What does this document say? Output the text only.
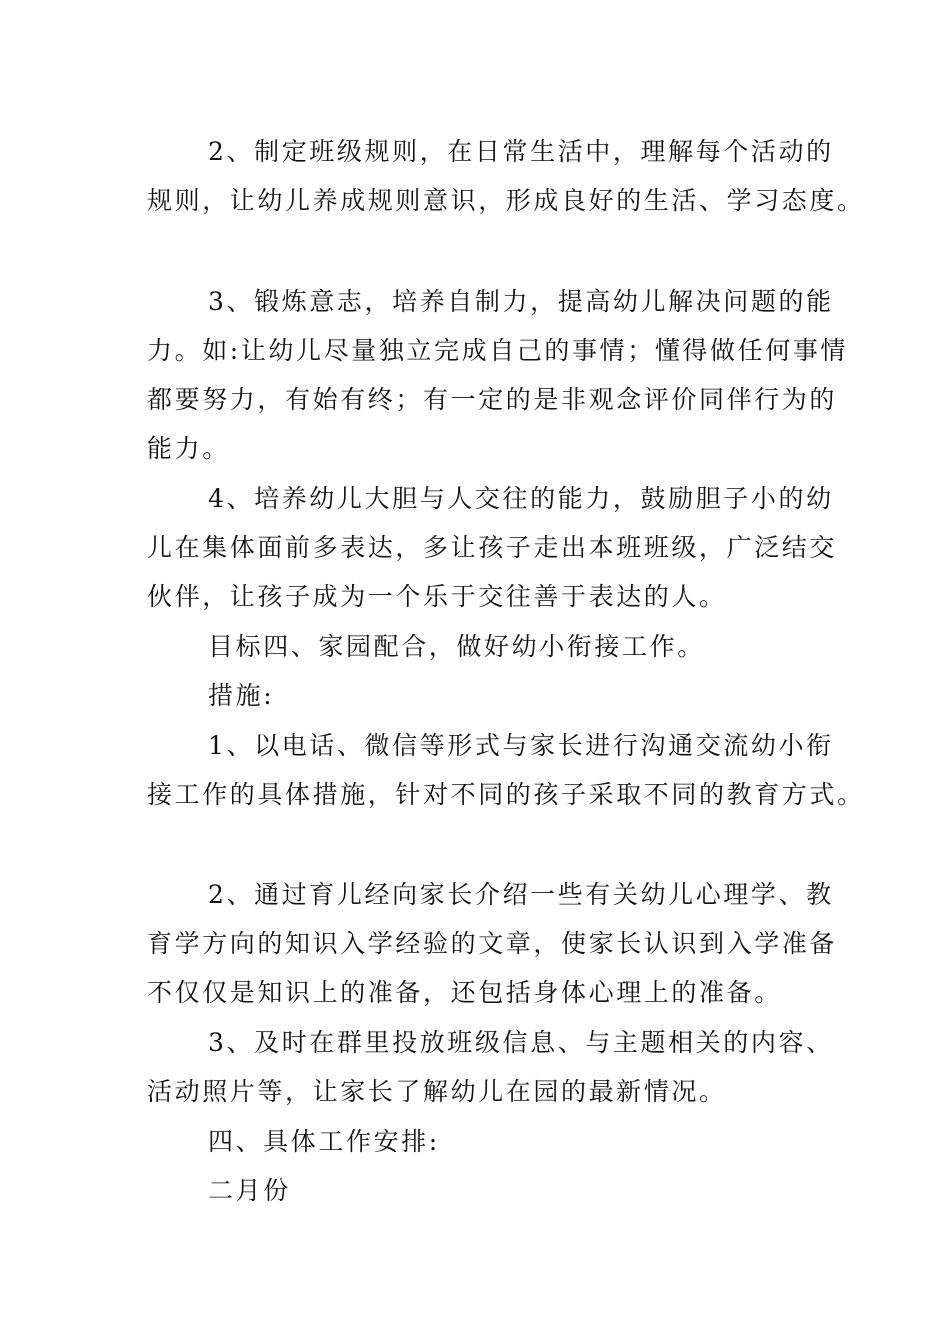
2、制定班级规则，在日常生活中，理解每个活动的
规则，让幼儿养成规则意识，形成良好的生活、学习态度。
3、锻炼意志，培养自制力，提高幼儿解决问题的能
力。如:让幼儿尽量独立完成自己的事情；懂得做任何事情
都要努力，有始有终；有一定的是非观念评价同伴行为的
能力。
4、培养幼儿大胆与人交往的能力，鼓励胆子小的幼
儿在集体面前多表达，多让孩子走出本班班级，广泛结交
伙伴，让孩子成为一个乐于交往善于表达的人。
目标四、家园配合，做好幼小衔接工作。
措施:
1、以电话、微信等形式与家长进行沟通交流幼小衔
接工作的具体措施，针对不同的孩子采取不同的教育方式。
2、通过育儿经向家长介绍一些有关幼儿心理学、教
育学方向的知识入学经验的文章，使家长认识到入学准备
不仅仅是知识上的准备，还包括身体心理上的准备。
3、及时在群里投放班级信息、与主题相关的内容、
活动照片等，让家长了解幼儿在园的最新情况。
四、具体工作安排:
二月份
